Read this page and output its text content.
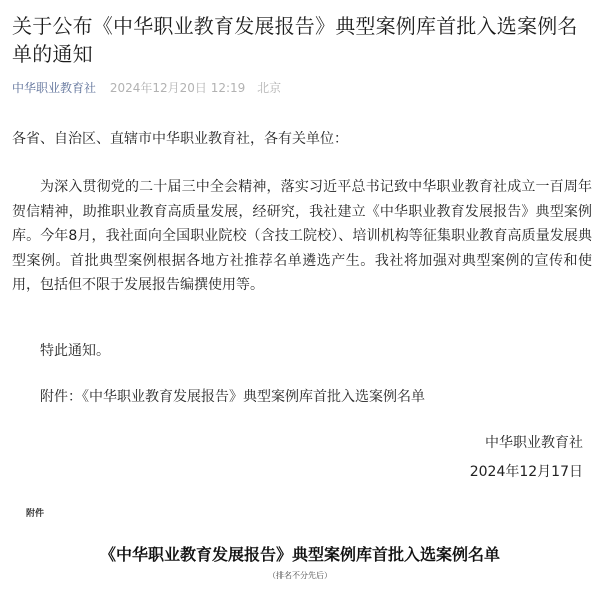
关于公布《中华职业教育发展报告》典型案例库首批入选案例名单的通知
中华职业教育社 2024年12月20日 12:19 北京
各省、自治区、直辖市中华职业教育社，各有关单位：

为深入贯彻党的二十届三中全会精神，落实习近平总书记致中华职业教育社成立一百周年贺信精神，助推职业教育高质量发展，经研究，我社建立《中华职业教育发展报告》典型案例库。今年8月，我社面向全国职业院校（含技工院校）、培训机构等征集职业教育高质量发展典型案例。首批典型案例根据各地方社推荐名单遴选产生。我社将加强对典型案例的宣传和使用，包括但不限于发展报告编撰使用等。

特此通知。
附件：《中华职业教育发展报告》典型案例库首批入选案例名单
中华职业教育社
2024年12月17日
附件
《中华职业教育发展报告》典型案例库首批入选案例名单
（排名不分先后）
